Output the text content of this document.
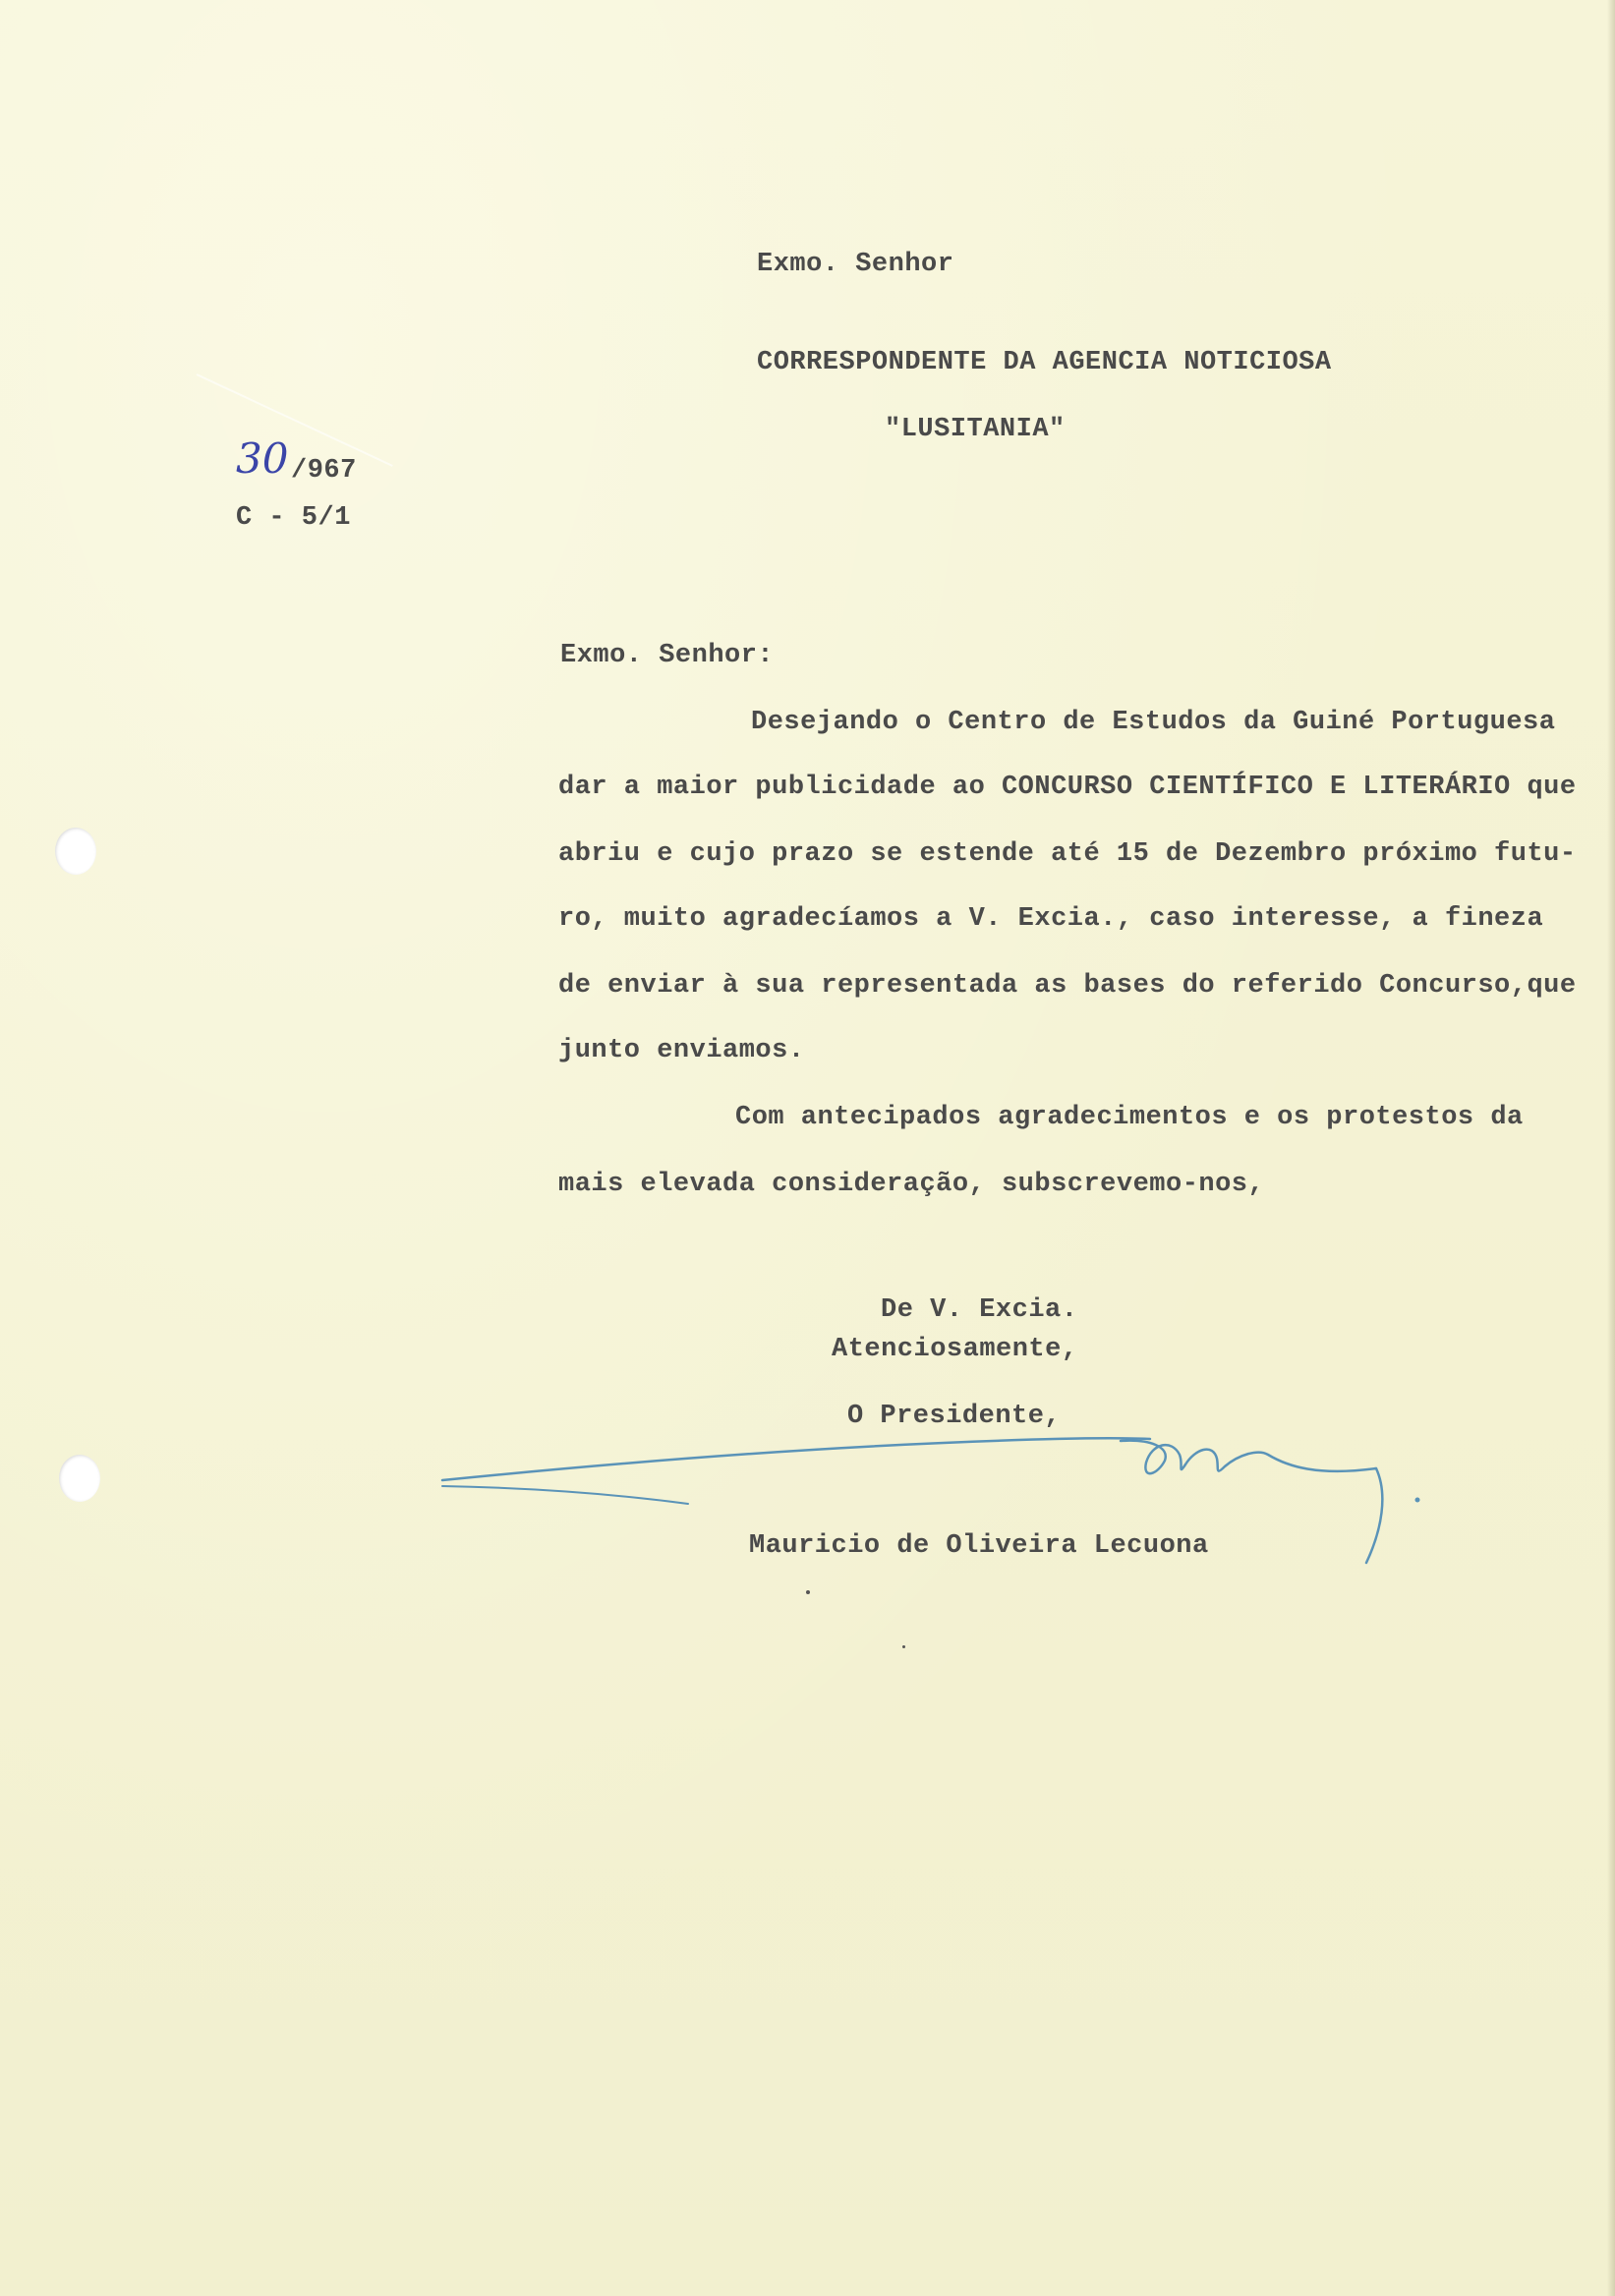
Exmo. Senhor

CORRESPONDENTE DA AGENCIA NOTICIOSA

"LUSITANIA"

30 /967

C - 5/1

Exmo. Senhor:

Desejando o Centro de Estudos da Guiné Portuguesa

dar a maior publicidade ao CONCURSO CIENTÍFICO E LITERÁRIO que

abriu e cujo prazo se estende até 15 de Dezembro próximo futu-

ro, muito agradecíamos a V. Excia., caso interesse, a fineza

de enviar à sua representada as bases do referido Concurso,que

junto enviamos.

Com antecipados agradecimentos e os protestos da

mais elevada consideração, subscrevemo-nos,

De V. Excia.

Atenciosamente,

O Presidente,

Mauricio de Oliveira Lecuona
